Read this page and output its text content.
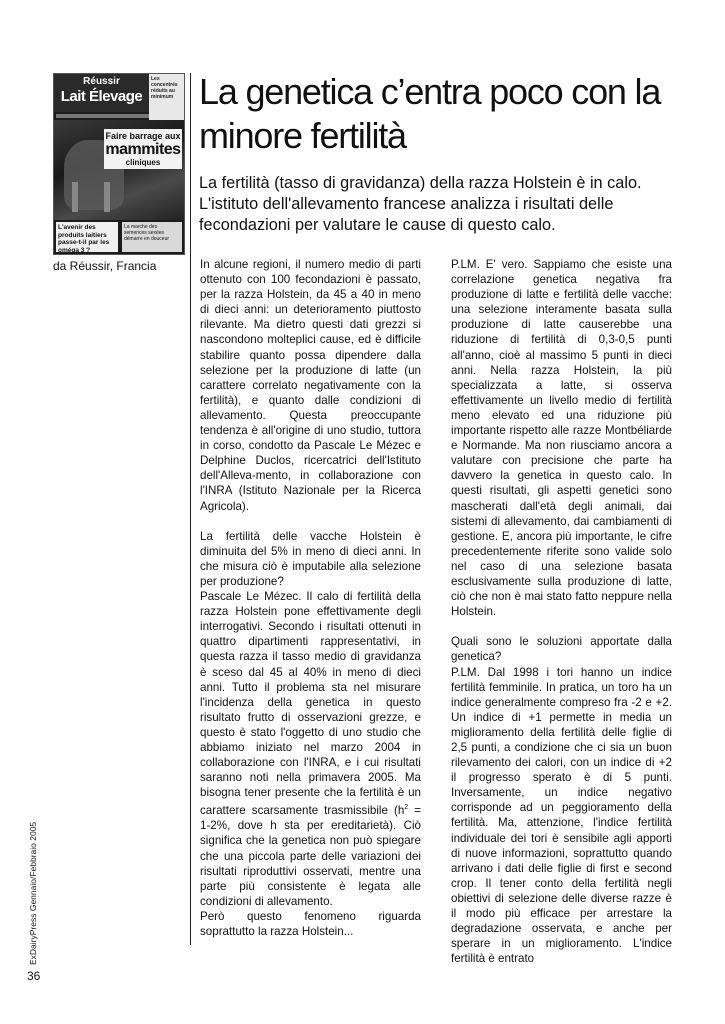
Réussir
Lait Élevage
Les concentrés réduits au minimum
Faire barrage aux
mammites
cliniques
L'avenir des produits laitiers passe-t-il par les oméga 3 ?
La marche des semences sexées démarre en douceur
da Réussir, Francia
La genetica c’entra poco con la minore fertilità

La fertilità (tasso di gravidanza) della razza Holstein è in calo. L'istituto dell'allevamento francese analizza i risultati delle fecondazioni per valutare le cause di questo calo.

In alcune regioni, il numero medio di parti ottenuto con 100 fecondazioni è passato, per la razza Holstein, da 45 a 40 in meno di dieci anni: un deterioramento piuttosto rilevante. Ma dietro questi dati grezzi si nascondono molteplici cause, ed è difficile stabilire quanto possa dipendere dalla selezione per la produzione di latte (un carattere correlato negativamente con la fertilità), e quanto dalle condizioni di allevamento. Questa preoccupante tendenza è all'origine di uno studio, tuttora in corso, condotto da Pascale Le Mézec e Delphine Duclos, ricercatrici dell'Istituto dell'Alleva-mento, in collaborazione con l'INRA (Istituto Nazionale per la Ricerca Agricola).

La fertilità delle vacche Holstein è diminuita del 5% in meno di dieci anni. In che misura ciò è imputabile alla selezione per produzione?

Pascale Le Mézec. Il calo di fertilità della razza Holstein pone effettivamente degli interrogativi. Secondo i risultati ottenuti in quattro dipartimenti rappresentativi, in questa razza il tasso medio di gravidanza è sceso dal 45 al 40% in meno di dieci anni. Tutto il problema sta nel misurare l'incidenza della genetica in questo risultato frutto di osservazioni grezze, e questo è stato l'oggetto di uno studio che abbiamo iniziato nel marzo 2004 in collaborazione con l'INRA, e i cui risultati saranno noti nella primavera 2005. Ma bisogna tener presente che la fertilità è un carattere scarsamente trasmissibile ($h^2 = 1-2\%$, dove h sta per ereditarietà). Ciò significa che la genetica non può spiegare che una piccola parte delle variazioni dei risultati riproduttivi osservati, mentre una parte più consistente è legata alle condizioni di allevamento.

Però questo fenomeno riguarda soprattutto la razza Holstein...

P.LM. E' vero. Sappiamo che esiste una correlazione genetica negativa fra produzione di latte e fertilità delle vacche: una selezione interamente basata sulla produzione di latte causerebbe una riduzione di fertilità di 0,3-0,5 punti all'anno, cioè al massimo 5 punti in dieci anni. Nella razza Holstein, la più specializzata a latte, si osserva effettivamente un livello medio di fertilità meno elevato ed una riduzione più importante rispetto alle razze Montbéliarde e Normande. Ma non riusciamo ancora a valutare con precisione che parte ha davvero la genetica in questo calo. In questi risultati, gli aspetti genetici sono mascherati dall'età degli animali, dai sistemi di allevamento, dai cambiamenti di gestione. E, ancora più importante, le cifre precedentemente riferite sono valide solo nel caso di una selezione basata esclusivamente sulla produzione di latte, ciò che non è mai stato fatto neppure nella Holstein.

Quali sono le soluzioni apportate dalla genetica?

P.LM. Dal 1998 i tori hanno un indice fertilità femminile. In pratica, un toro ha un indice generalmente compreso fra -2 e +2. Un indice di +1 permette in media un miglioramento della fertilità delle figlie di 2,5 punti, a condizione che ci sia un buon rilevamento dei calori, con un indice di +2 il progresso sperato è di 5 punti. Inversamente, un indice negativo corrisponde ad un peggioramento della fertilità. Ma, attenzione, l'indice fertilità individuale dei tori è sensibile agli apporti di nuove informazioni, soprattutto quando arrivano i dati delle figlie di first e second crop. Il tener conto della fertilità negli obiettivi di selezione delle diverse razze è il modo più efficace per arrestare la degradazione osservata, e anche per sperare in un miglioramento. L'indice fertilità è entrato

ExDairyPress Gennaio/Febbraio 2005
36
